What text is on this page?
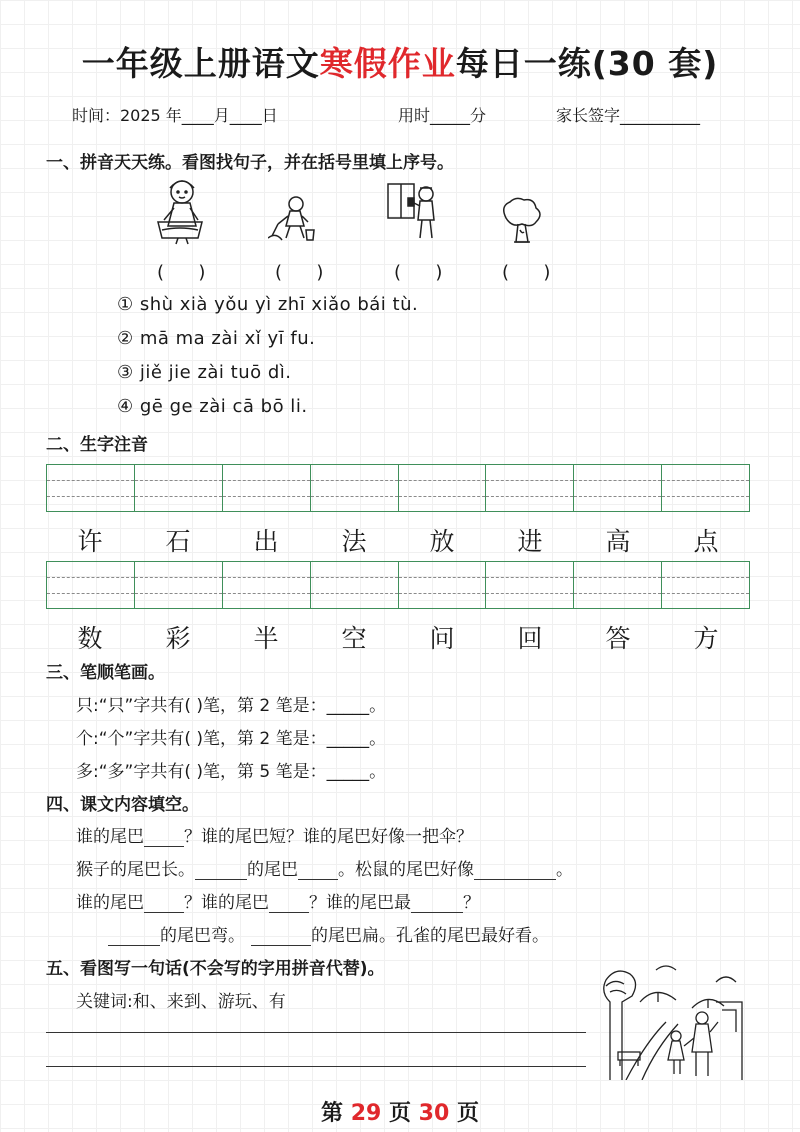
一年级上册语文寒假作业每日一练(30 套)
时间：2025 年____月____日	用时_____分	家长签字__________
一、拼音天天练。看图找句子，并在括号里填上序号。
(      )	(      )	(      )	(      )
① shù xià yǒu yì zhī xiǎo bái tù.
② mā ma zài xǐ yī fu.
③ jiě jie zài tuō dì.
④ gē ge zài cā bō li.
二、生字注音
许	石	出	法	放	进	高	点
数	彩	半	空	问	回	答	方
三、笔顺笔画。
只:“只”字共有( )笔，第 2 笔是：_____。
个:“个”字共有( )笔，第 2 笔是：_____。
多:“多”字共有( )笔，第 5 笔是：_____。
四、课文内容填空。
谁的尾巴 ？谁的尾巴短？谁的尾巴好像一把伞？
猴子的尾巴长。	的尾巴 。松鼠的尾巴好像	。
谁的尾巴 ？谁的尾巴 ？谁的尾巴最	？
的尾巴弯。	的尾巴扁。孔雀的尾巴最好看。
五、看图写一句话(不会写的字用拼音代替)。
关键词:和、来到、游玩、有
第 29 页 30 页
